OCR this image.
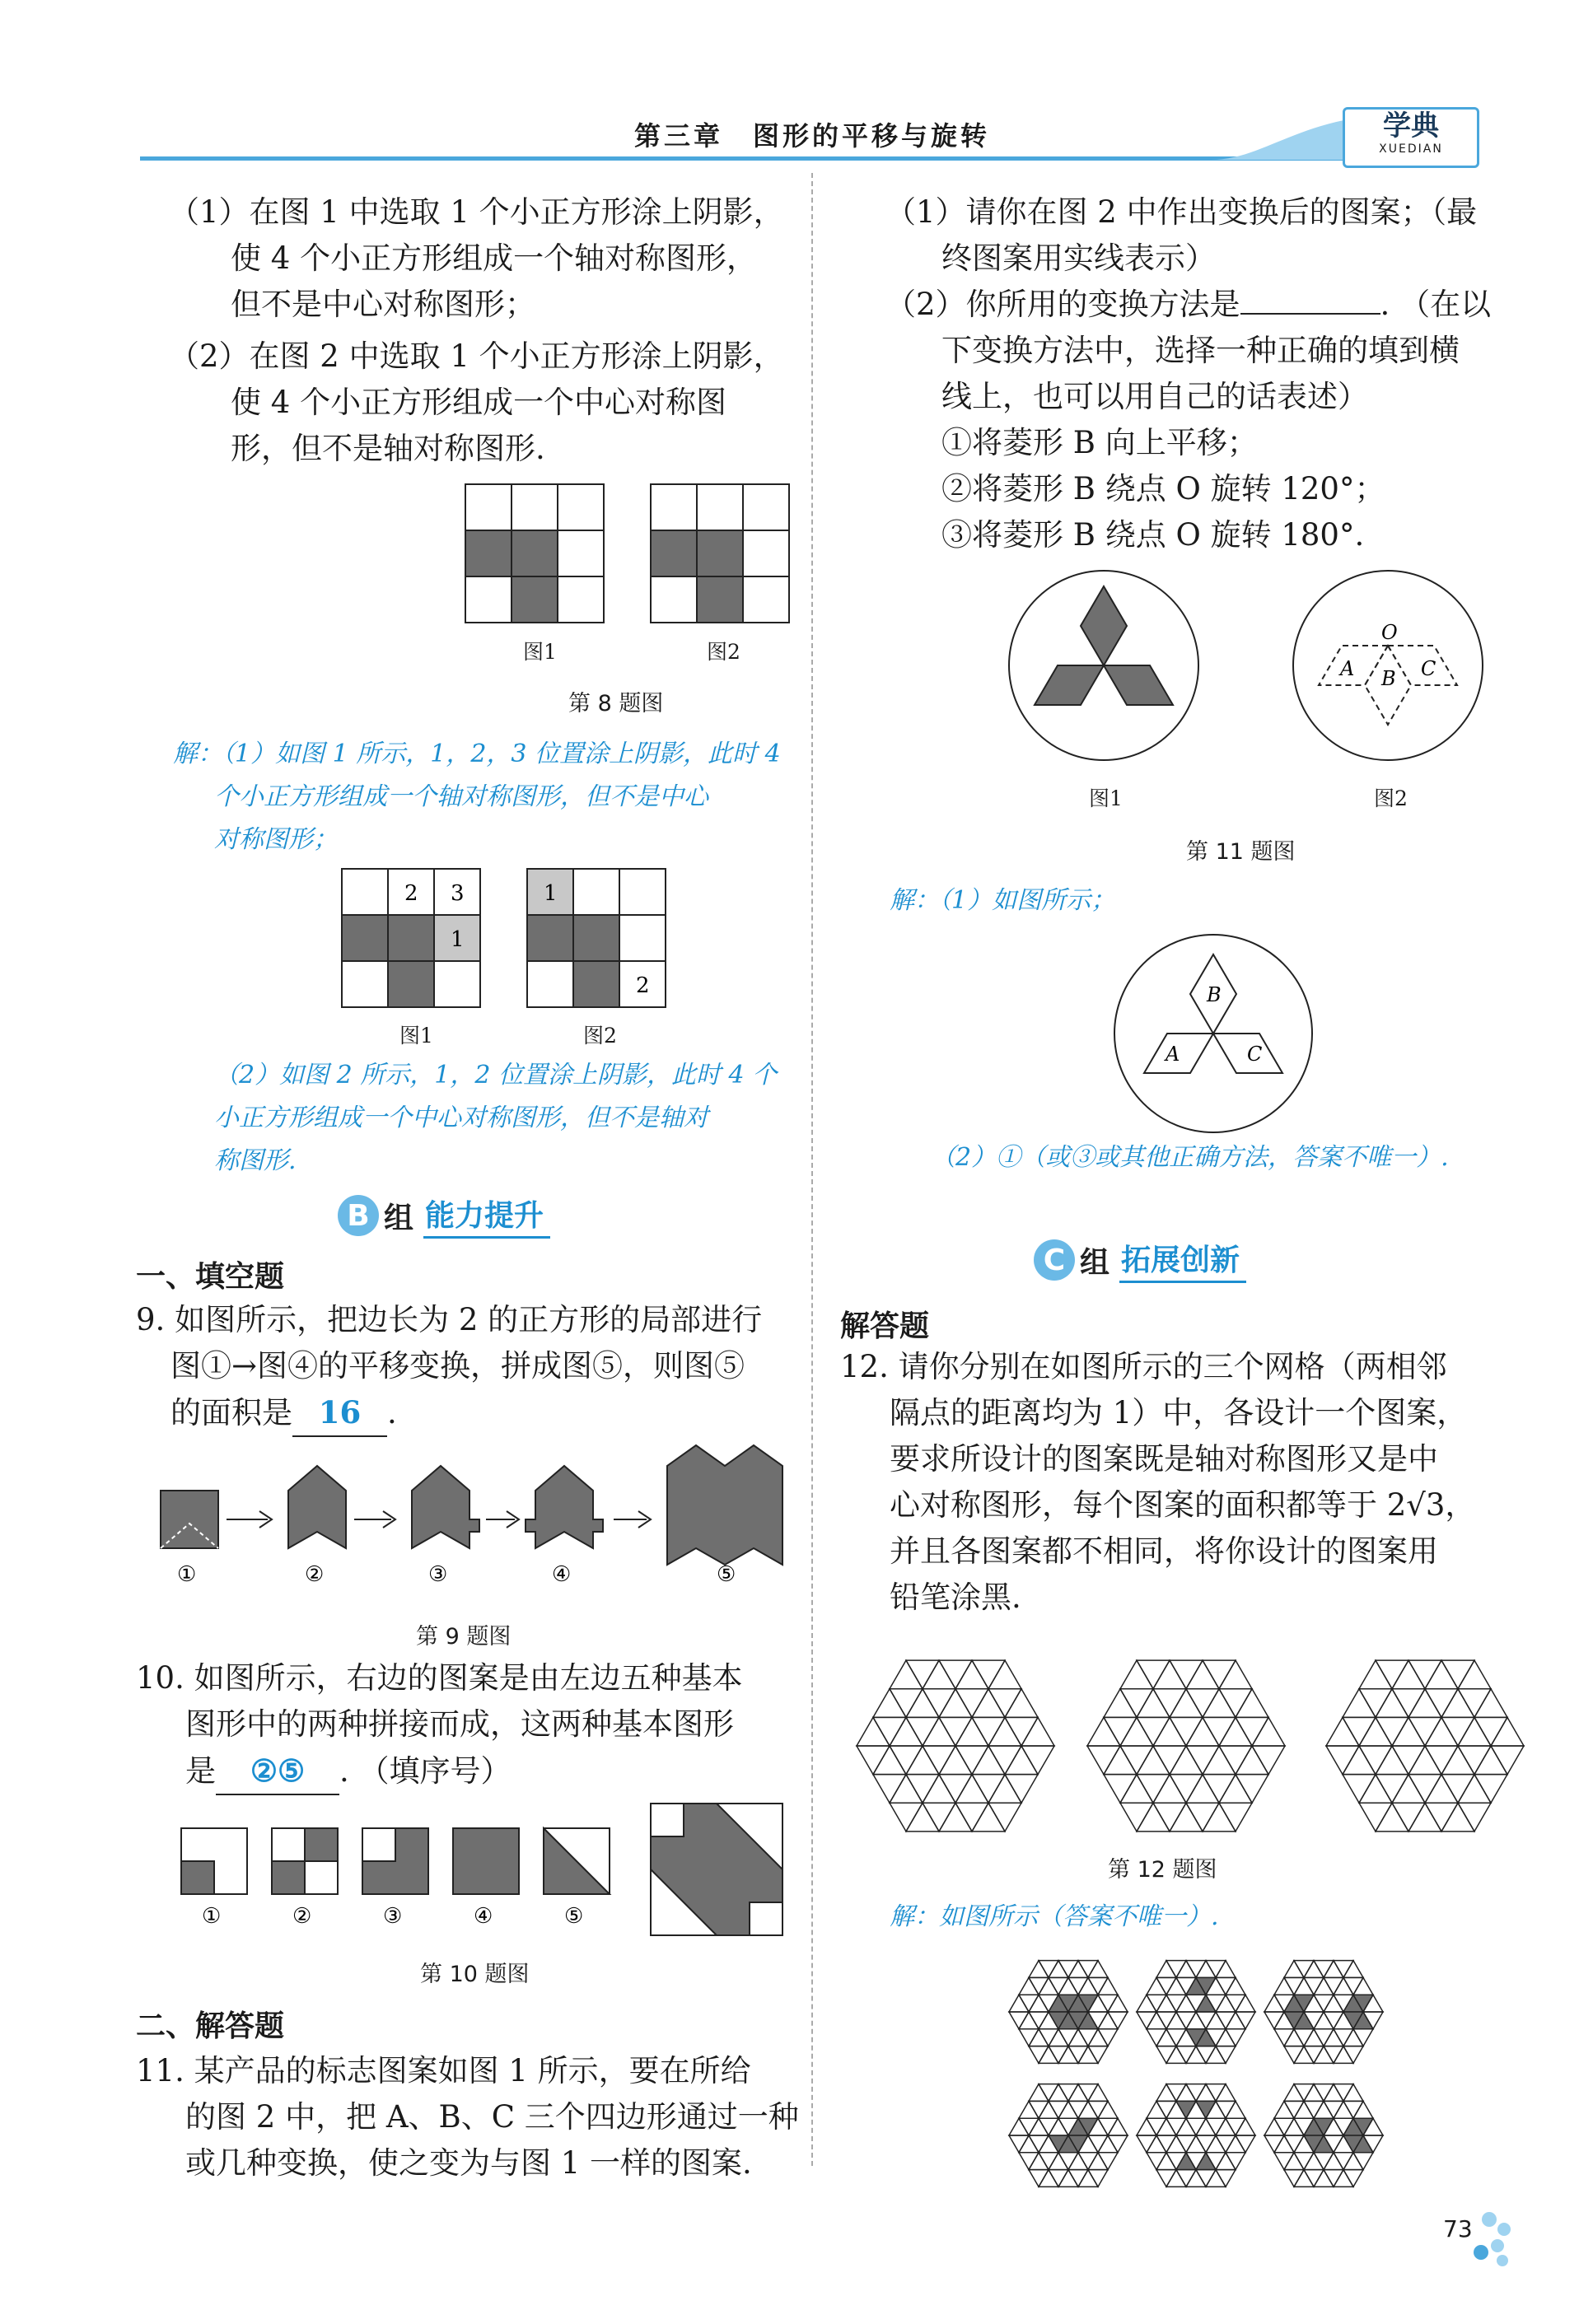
第三章　图形的平移与旋转	学典
XUEDIAN
（1）在图 1 中选取 1 个小正方形涂上阴影，
使 4 个小正方形组成一个轴对称图形，
但不是中心对称图形；
（2）在图 2 中选取 1 个小正方形涂上阴影，
使 4 个小正方形组成一个中心对称图
形，但不是轴对称图形.
图1	图2
第 8 题图
解：（1）如图 1 所示，1，2，3 位置涂上阴影，此时 4
个小正方形组成一个轴对称图形，但不是中心
对称图形；
2 3
1
1
2
图1	图2
（2）如图 2 所示，1，2 位置涂上阴影，此时 4 个
小正方形组成一个中心对称图形，但不是轴对
称图形.
B 组 能力提升
一、填空题
9. 如图所示，把边长为 2 的正方形的局部进行
图①→图④的平移变换，拼成图⑤，则图⑤
的面积是 16 .
①	②	③	④	⑤
第 9 题图
10. 如图所示，右边的图案是由左边五种基本
图形中的两种拼接而成，这两种基本图形
是 ②⑤ . （填序号）
①	②	③	④	⑤
第 10 题图
二、解答题
11. 某产品的标志图案如图 1 所示，要在所给
的图 2 中，把 A、B、C 三个四边形通过一种
或几种变换，使之变为与图 1 一样的图案.
（1）请你在图 2 中作出变换后的图案；（最
终图案用实线表示）
（2）你所用的变换方法是	. （在以
下变换方法中，选择一种正确的填到横
线上，也可以用自己的话表述）
①将菱形 B 向上平移；
②将菱形 B 绕点 O 旋转 120°；
③将菱形 B 绕点 O 旋转 180°.
O
A B C
图1	图2
第 11 题图
解：（1）如图所示；
B
A	C
（2）①（或③或其他正确方法，答案不唯一）.
C 组 拓展创新
解答题
12. 请你分别在如图所示的三个网格（两相邻
隔点的距离均为 1）中，各设计一个图案，
要求所设计的图案既是轴对称图形又是中
心对称图形，每个图案的面积都等于 2√3，
并且各图案都不相同，将你设计的图案用
铅笔涂黑.
第 12 题图
解：如图所示（答案不唯一）.
73
